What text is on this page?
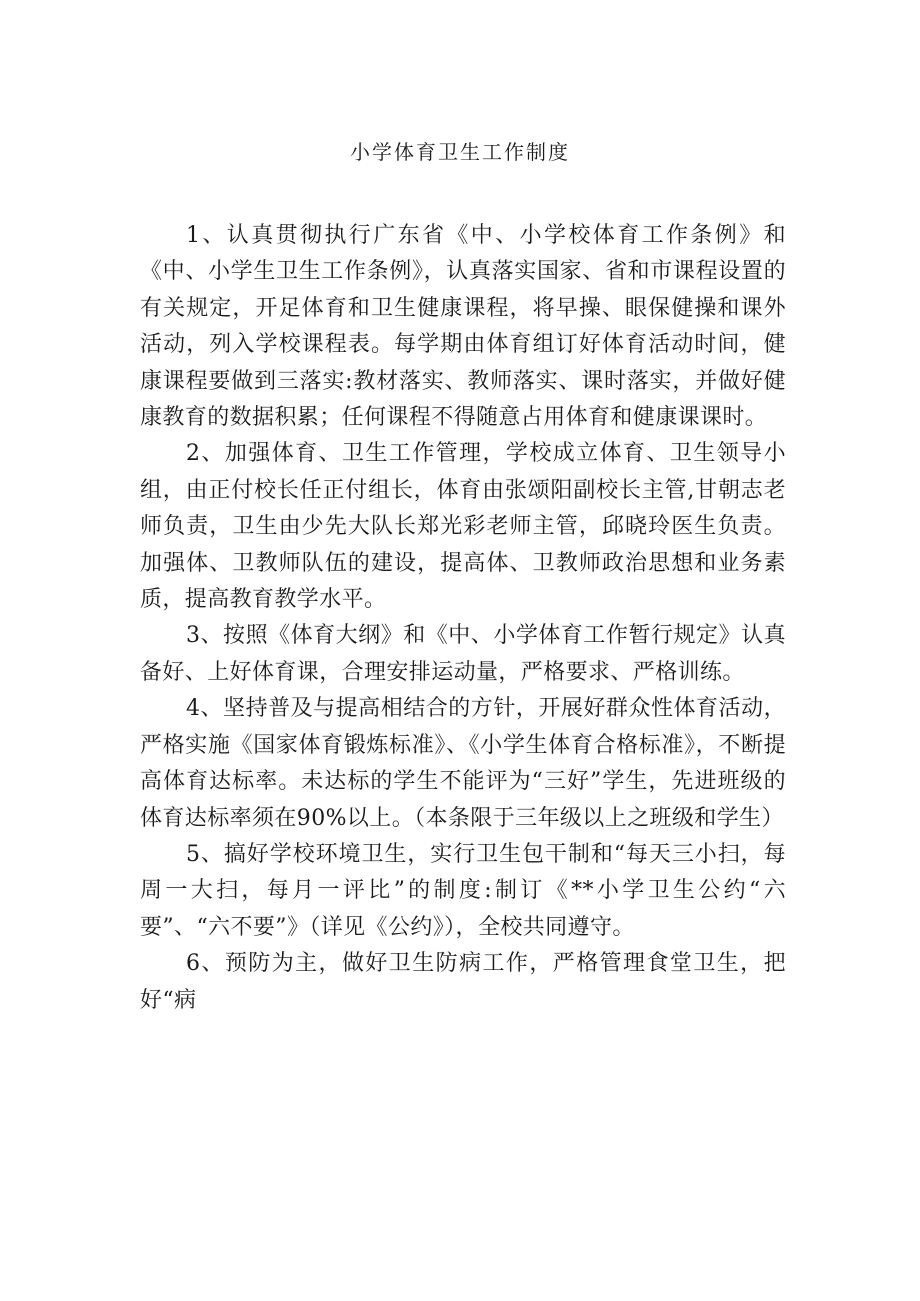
小学体育卫生工作制度

1、认真贯彻执行广东省《中、小学校体育工作条例》和《中、小学生卫生工作条例》，认真落实国家、省和市课程设置的有关规定，开足体育和卫生健康课程，将早操、眼保健操和课外活动，列入学校课程表。每学期由体育组订好体育活动时间，健康课程要做到三落实:教材落实、教师落实、课时落实，并做好健康教育的数据积累；任何课程不得随意占用体育和健康课课时。

2、加强体育、卫生工作管理，学校成立体育、卫生领导小组，由正付校长任正付组长，体育由张颂阳副校长主管,甘朝志老师负责，卫生由少先大队长郑光彩老师主管，邱晓玲医生负责。加强体、卫教师队伍的建设，提高体、卫教师政治思想和业务素质，提高教育教学水平。

3、按照《体育大纲》和《中、小学体育工作暂行规定》认真备好、上好体育课，合理安排运动量，严格要求、严格训练。

4、坚持普及与提高相结合的方针，开展好群众性体育活动，严格实施《国家体育锻炼标准》、《小学生体育合格标准》，不断提高体育达标率。未达标的学生不能评为“三好”学生，先进班级的体育达标率须在90%以上。（本条限于三年级以上之班级和学生）

5、搞好学校环境卫生，实行卫生包干制和“每天三小扫，每周一大扫，每月一评比”的制度:制订《**小学卫生公约“六要”、“六不要”》（详见《公约》），全校共同遵守。

6、预防为主，做好卫生防病工作，严格管理食堂卫生，把好“病
